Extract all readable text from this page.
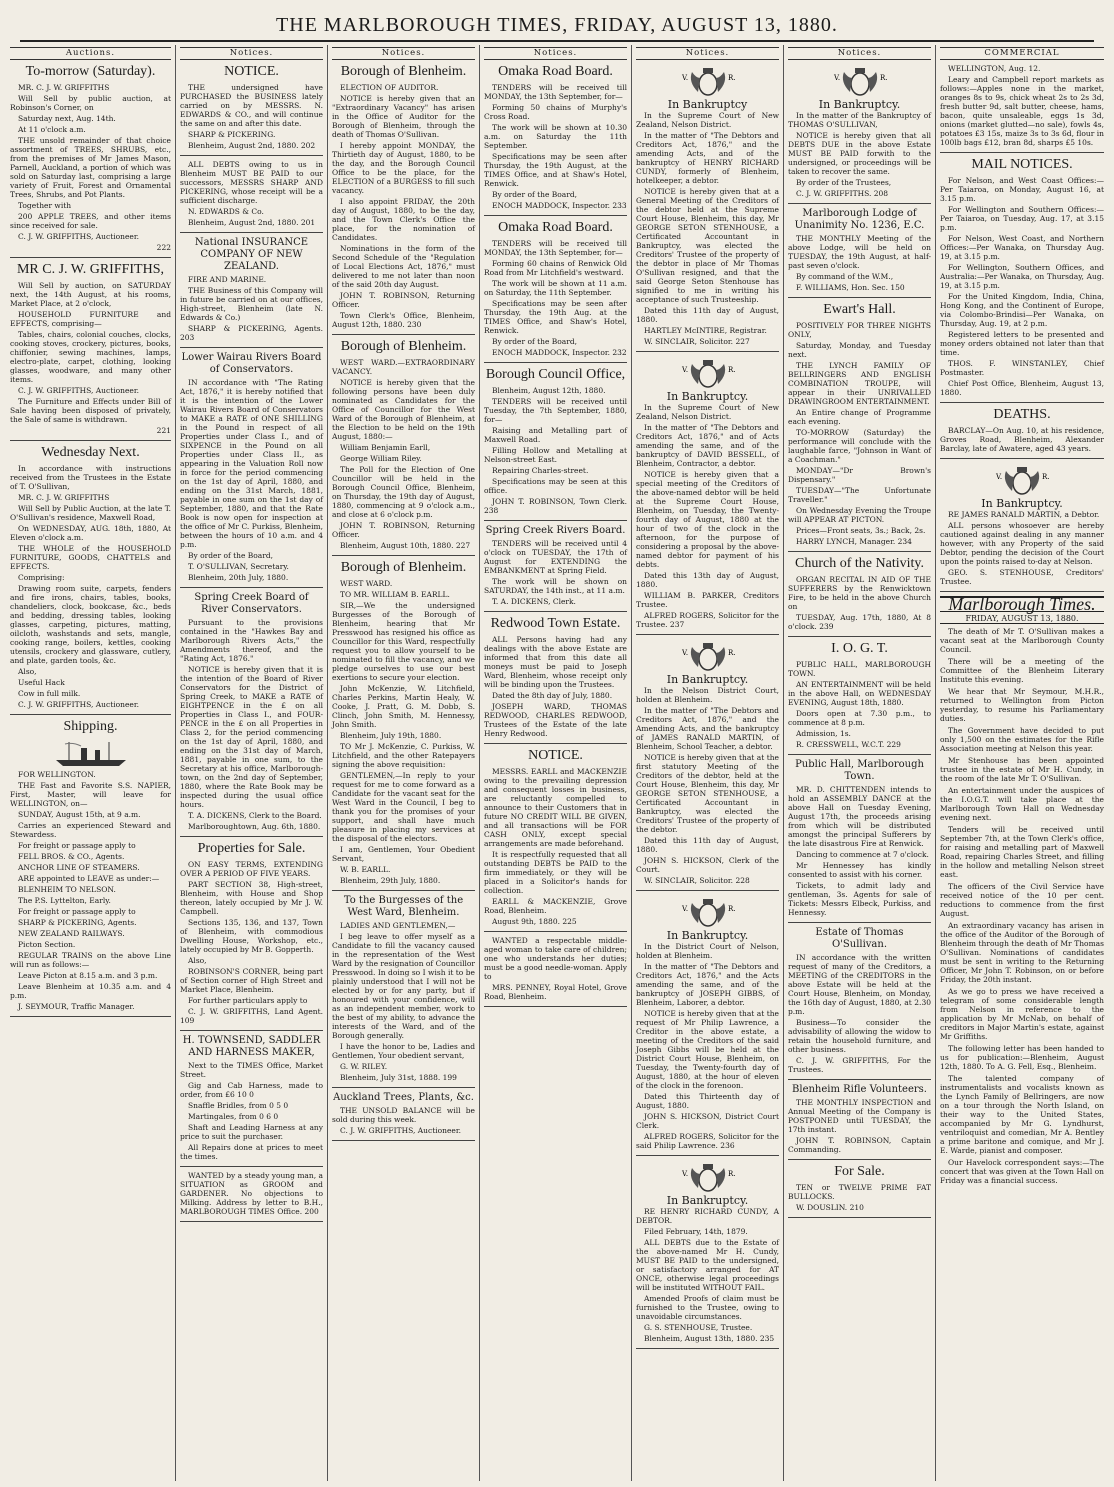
THE MARLBOROUGH TIMES, FRIDAY, AUGUST 13, 1880.
Auctions.
To-morrow (Saturday).

MR. C. J. W. GRIFFITHS

Will Sell by public auction, at Robinson's Corner, on

Saturday next, Aug. 14th.

At 11 o'clock a.m.

THE unsold remainder of that choice assortment of TREES, SHRUBS, etc., from the premises of Mr James Mason, Parnell, Auckland, a portion of which was sold on Saturday last, comprising a large variety of Fruit, Forest and Ornamental Trees, Shrubs, and Pot Plants.

Together with

200 APPLE TREES, and other items since received for sale.

C. J. W. GRIFFITHS, Auctioneer.

222
MR C. J. W. GRIFFITHS,

Will Sell by auction, on SATURDAY next, the 14th August, at his rooms, Market Place, at 2 o'clock,

HOUSEHOLD FURNITURE and EFFECTS, comprising—

Tables, chairs, colonial couches, clocks, cooking stoves, crockery, pictures, books, chiffonier, sewing machines, lamps, electro-plate, carpet, clothing, looking glasses, woodware, and many other items.

C. J. W. GRIFFITHS, Auctioneer.

The Furniture and Effects under Bill of Sale having been disposed of privately, the Sale of same is withdrawn.

221
Wednesday Next.

In accordance with instructions received from the Trustees in the Estate of T. O'Sullivan,

MR. C. J. W. GRIFFITHS

Will Sell by Public Auction, at the late T. O'Sullivan's residence, Maxwell Road,

On WEDNESDAY, AUG. 18th, 1880, At Eleven o'clock a.m.

THE WHOLE of the HOUSEHOLD FURNITURE, GOODS, CHATTELS and EFFECTS.

Comprising:

Drawing room suite, carpets, fenders and fire irons, chairs, tables, books, chandeliers, clock, bookcase, &c., beds and bedding, dressing tables, looking glasses, carpeting, pictures, matting, oilcloth, washstands and sets, mangle, cooking range, boilers, kettles, cooking utensils, crockery and glassware, cutlery, and plate, garden tools, &c.

Also,

Useful Hack

Cow in full milk.

C. J. W. GRIFFITHS, Auctioneer.

Shipping.

FOR WELLINGTON.

THE Fast and Favorite S.S. NAPIER, First, Master, will leave for WELLINGTON, on—

SUNDAY, August 15th, at 9 a.m.

Carries an experienced Steward and Stewardess.

For freight or passage apply to

FELL BROS. & CO., Agents.

ANCHOR LINE OF STEAMERS.

ARE appointed to LEAVE as under:—

BLENHEIM TO NELSON.

The P.S. Lyttelton, Early.

For freight or passage apply to

SHARP & PICKERING, Agents.

NEW ZEALAND RAILWAYS.

Picton Section.

REGULAR TRAINS on the above Line will run as follows:—

Leave Picton at 8.15 a.m. and 3 p.m.

Leave Blenheim at 10.35 a.m. and 4 p.m.

J. SEYMOUR, Traffic Manager.

Notices.
NOTICE.

THE undersigned have PURCHASED the BUSINESS lately carried on by MESSRS. N. EDWARDS & CO., and will continue the same on and after this date.

SHARP & PICKERING.

Blenheim, August 2nd, 1880. 202

ALL DEBTS owing to us in Blenheim MUST BE PAID to our successors, MESSRS SHARP AND PICKERING, whose receipt will be a sufficient discharge.

N. EDWARDS & Co.

Blenheim, August 2nd, 1880. 201

National INSURANCE COMPANY OF NEW ZEALAND.

FIRE AND MARINE.

THE Business of this Company will in future be carried on at our offices, High-street, Blenheim (late N. Edwards & Co.)

SHARP & PICKERING, Agents. 203

Lower Wairau Rivers Board of Conservators.

IN accordance with "The Rating Act, 1876," it is hereby notified that it is the intention of the Lower Wairau Rivers Board of Conservators to MAKE a RATE of ONE SHILLING in the Pound in respect of all Properties under Class I., and of SIXPENCE in the Pound on all Properties under Class II., as appearing in the Valuation Roll now in force for the period commencing on the 1st day of April, 1880, and ending on the 31st March, 1881, payable in one sum on the 1st day of September, 1880, and that the Rate Book is now open for inspection at the office of Mr C. Purkiss, Blenheim, between the hours of 10 a.m. and 4 p.m.

By order of the Board,

T. O'SULLIVAN, Secretary.

Blenheim, 20th July, 1880.

Spring Creek Board of River Conservators.

Pursuant to the provisions contained in the "Hawkes Bay and Marlborough Rivers Acts," the Amendments thereof, and the "Rating Act, 1876."

NOTICE is hereby given that it is the intention of the Board of River Conservators for the District of Spring Creek, to MAKE a RATE of EIGHTPENCE in the £ on all Properties in Class I., and FOUR-PENCE in the £ on all Properties in Class 2, for the period commencing on the 1st day of April, 1880, and ending on the 31st day of March, 1881, payable in one sum, to the Secretary at his office, Marlborough-town, on the 2nd day of September, 1880, where the Rate Book may be inspected during the usual office hours.

T. A. DICKENS, Clerk to the Board.

Marlboroughtown, Aug. 6th, 1880.

Properties for Sale.

ON EASY TERMS, EXTENDING OVER A PERIOD OF FIVE YEARS.

PART SECTION 38, High-street, Blenheim, with House and Shop thereon, lately occupied by Mr J. W. Campbell.

Sections 135, 136, and 137, Town of Blenheim, with commodious Dwelling House, Workshop, etc., lately occupied by Mr B. Gopperth.

Also,

ROBINSON'S CORNER, being part of Section corner of High Street and Market Place, Blenheim.

For further particulars apply to

C. J. W. GRIFFITHS, Land Agent. 109

H. TOWNSEND, SADDLER AND HARNESS MAKER,

Next to the TIMES Office, Market Street.

Gig and Cab Harness, made to order, from £6 10 0

Snaffle Bridles, from 0 5 0

Martingales, from 0 6 0

Shaft and Leading Harness at any price to suit the purchaser.

All Repairs done at prices to meet the times.

WANTED by a steady young man, a SITUATION as GROOM and GARDENER. No objections to Milking. Address by letter to B.H., MARLBOROUGH TIMES Office. 200

Notices.
Borough of Blenheim.

ELECTION OF AUDITOR.

NOTICE is hereby given that an "Extraordinary Vacancy" has arisen in the Office of Auditor for the Borough of Blenheim, through the death of Thomas O'Sullivan.

I hereby appoint MONDAY, the Thirtieth day of August, 1880, to be the day, and the Borough Council Office to be the place, for the ELECTION of a BURGESS to fill such vacancy.

I also appoint FRIDAY, the 20th day of August, 1880, to be the day, and the Town Clerk's Office the place, for the nomination of Candidates.

Nominations in the form of the Second Schedule of the "Regulation of Local Elections Act, 1876," must delivered to me not later than noon of the said 20th day August.

JOHN T. ROBINSON, Returning Officer.

Town Clerk's Office, Blenheim, August 12th, 1880. 230

Borough of Blenheim.

WEST WARD.—EXTRAORDINARY VACANCY.

NOTICE is hereby given that the following persons have been duly nominated as Candidates for the Office of Councillor for the West Ward of the Borough of Blenheim, at the Election to be held on the 19th August, 1880:—

William Benjamin Earll,

George William Riley.

The Poll for the Election of One Councillor will be held in the Borough Council Office, Blenheim, on Thursday, the 19th day of August, 1880, commencing at 9 o'clock a.m., and close at 6 o'clock p.m.

JOHN T. ROBINSON, Returning Officer.

Blenheim, August 10th, 1880. 227

Borough of Blenheim.

WEST WARD.

TO MR. WILLIAM B. EARLL.

SIR,—We the undersigned Burgesses of the Borough of Blenheim, hearing that Mr Presswood has resigned his office as Councillor for this Ward, respectfully request you to allow yourself to be nominated to fill the vacancy, and we pledge ourselves to use our best exertions to secure your election.

John McKenzie, W. Litchfield, Charles Perkins, Martin Healy, W. Cooke, J. Pratt, G. M. Dobb, S. Clinch, John Smith, M. Hennessy, John Smith.

Blenheim, July 19th, 1880.

TO Mr J. McKenzie, C. Purkiss, W. Litchfield, and the other Ratepayers signing the above requisition:

GENTLEMEN,—In reply to your request for me to come forward as a Candidate for the vacant seat for the West Ward in the Council, I beg to thank you for the promises of your support, and shall have much pleasure in placing my services at the disposal of the electors.

I am, Gentlemen, Your Obedient Servant,

W. B. EARLL.

Blenheim, 29th July, 1880.

To the Burgesses of the West Ward, Blenheim.

LADIES AND GENTLEMEN,—

I beg leave to offer myself as a Candidate to fill the vacancy caused in the representation of the West Ward by the resignation of Councillor Presswood. In doing so I wish it to be plainly understood that I will not be elected by or for any party, but if honoured with your confidence, will as an independent member, work to the best of my ability, to advance the interests of the Ward, and of the Borough generally.

I have the honor to be, Ladies and Gentlemen, Your obedient servant,

G. W. RILEY.

Blenheim, July 31st, 1888. 199

Auckland Trees, Plants, &c.

THE UNSOLD BALANCE will be sold during this week.

C. J. W. GRIFFITHS, Auctioneer.

Notices.
Omaka Road Board.

TENDERS will be received till MONDAY, the 13th September, for—

Forming 50 chains of Murphy's Cross Road.

The work will be shown at 10.30 a.m. on Saturday the 11th September.

Specifications may be seen after Thursday, the 19th August, at the TIMES Office, and at Shaw's Hotel, Renwick.

By order of the Board,

ENOCH MADDOCK, Inspector. 233

Omaka Road Board.

TENDERS will be received till MONDAY, the 13th September, for—

Forming 60 chains of Renwick Old Road from Mr Litchfield's westward.

The work will be shown at 11 a.m. on Saturday, the 11th September.

Specifications may be seen after Thursday, the 19th Aug. at the TIMES Office, and Shaw's Hotel, Renwick.

By order of the Board,

ENOCH MADDOCK, Inspector. 232

Borough Council Office,

Blenheim, August 12th, 1880.

TENDERS will be received until Tuesday, the 7th September, 1880, for—

Raising and Metalling part of Maxwell Road.

Filling Hollow and Metalling at Nelson-street East.

Repairing Charles-street.

Specifications may be seen at this office.

JOHN T. ROBINSON, Town Clerk. 238

Spring Creek Rivers Board.

TENDERS will be received until 4 o'clock on TUESDAY, the 17th of August for EXTENDING the EMBANKMENT at Spring Field.

The work will be shown on SATURDAY, the 14th inst., at 11 a.m.

T. A. DICKENS, Clerk.

Redwood Town Estate.

ALL Persons having had any dealings with the above Estate are informed that from this date all moneys must be paid to Joseph Ward, Blenheim, whose receipt only will be binding upon the Trustees.

Dated the 8th day of July, 1880.

JOSEPH WARD, THOMAS REDWOOD, CHARLES REDWOOD, Trustees of the Estate of the late Henry Redwood.

NOTICE.

MESSRS. EARLL and MACKENZIE owing to the prevailing depression and consequent losses in business, are reluctantly compelled to announce to their Customers that in future NO CREDIT WILL BE GIVEN, and all transactions will be FOR CASH ONLY, except special arrangements are made beforehand.

It is respectfully requested that all outstanding DEBTS be PAID to the firm immediately, or they will be placed in a Solicitor's hands for collection.

EARLL & MACKENZIE, Grove Road, Blenheim.

August 9th, 1880. 225

WANTED a respectable middle-aged woman to take care of children; one who understands her duties; must be a good needle-woman. Apply to

MRS. PENNEY, Royal Hotel, Grove Road, Blenheim.

Notices.
V.	R.
In Bankruptcy

In the Supreme Court of New Zealand, Nelson District.

In the matter of "The Debtors and Creditors Act, 1876," and the amending Acts, and of the bankruptcy of HENRY RICHARD CUNDY, formerly of Blenheim, hotelkeeper, a debtor.

NOTICE is hereby given that at a General Meeting of the Creditors of the debtor held at the Supreme Court House, Blenheim, this day, Mr GEORGE SETON STENHOUSE, a Certificated Accountant in Bankruptcy, was elected the Creditors' Trustee of the property of the debtor in place of Mr Thomas O'Sullivan resigned, and that the said George Seton Stenhouse has signified to me in writing his acceptance of such Trusteeship.

Dated this 11th day of August, 1880.

HARTLEY McINTIRE, Registrar.

W. SINCLAIR, Solicitor. 227

V.	R.
In Bankruptcy.

In the Supreme Court of New Zealand, Nelson District.

In the matter of "The Debtors and Creditors Act, 1876," and of Acts amending the same, and of the bankruptcy of DAVID BESSELL, of Blenheim, Contractor, a debtor.

NOTICE is hereby given that a special meeting of the Creditors of the above-named debtor will be held at the Supreme Court House, Blenheim, on Tuesday, the Twenty-fourth day of August, 1880 at the hour of two of the clock in the afternoon, for the purpose of considering a proposal by the above-named debtor for payment of his debts.

Dated this 13th day of August, 1880.

WILLIAM B. PARKER, Creditors Trustee.

ALFRED ROGERS, Solicitor for the Trustee. 237

V.	R.
In Bankruptcy.

In the Nelson District Court, holden at Blenheim.

In the matter of "The Debtors and Creditors Act, 1876," and the Amending Acts, and the bankruptcy of JAMES RANALD MARTIN, of Blenheim, School Teacher, a debtor.

NOTICE is hereby given that at the first statutory Meeting of the Creditors of the debtor, held at the Court House, Blenheim, this day, Mr GEORGE SETON STENHOUSE, a Certificated Accountant in Bankruptcy, was elected the Creditors' Trustee of the property of the debtor.

Dated this 11th day of August, 1880.

JOHN S. HICKSON, Clerk of the Court.

W. SINCLAIR, Solicitor. 228

V.	R.
In Bankruptcy.

In the District Court of Nelson, holden at Blenheim.

In the matter of "The Debtors and Creditors Act, 1876," and the Acts amending the same, and of the bankruptcy of JOSEPH GIBBS, of Blenheim, Laborer, a debtor.

NOTICE is hereby given that at the request of Mr Philip Lawrence, a Creditor in the above estate, a meeting of the Creditors of the said Joseph Gibbs will be held at the District Court House, Blenheim, on Tuesday, the Twenty-fourth day of August, 1880, at the hour of eleven of the clock in the forenoon.

Dated this Thirteenth day of August, 1880.

JOHN S. HICKSON, District Court Clerk.

ALFRED ROGERS, Solicitor for the said Philip Lawrence. 236

V.	R.
In Bankruptcy.

RE HENRY RICHARD CUNDY, A DEBTOR.

Filed February, 14th, 1879.

ALL DEBTS due to the Estate of the above-named Mr H. Cundy, MUST BE PAID to the undersigned, or satisfactory arranged for AT ONCE, otherwise legal proceedings will be instituted WITHOUT FAIL.

Amended Proofs of claim must be furnished to the Trustee, owing to unavoidable circumstances.

G. S. STENHOUSE, Trustee.

Blenheim, August 13th, 1880. 235

Notices.
V.	R.
In Bankruptcy.

In the matter of the Bankruptcy of THOMAS O'SULLIVAN,

NOTICE is hereby given that all DEBTS DUE in the above Estate MUST BE PAID forwith to the undersigned, or proceedings will be taken to recover the same.

By order of the Trustees,

C. J. W. GRIFFITHS. 208

Marlborough Lodge of Unanimity No. 1236, E.C.

THE MONTHLY Meeting of the above Lodge, will be held on TUESDAY, the 19th August, at half-past seven o'clock.

By command of the W.M.,

F. WILLIAMS, Hon. Sec. 150

Ewart's Hall.

POSITIVELY FOR THREE NIGHTS ONLY,

Saturday, Monday, and Tuesday next.

THE LYNCH FAMILY OF BELLRINGERS AND ENGLISH COMBINATION TROUPE, will appear in their UNRIVALLED DRAWINGROOM ENTERTAINMENT.

An Entire change of Programme each evening.

TO-MORROW (Saturday) the performance will conclude with the laughable farce, "Johnson in Want of a Coachman."

MONDAY—"Dr Brown's Dispensary."

TUESDAY—"The Unfortunate Traveller."

On Wednesday Evening the Troupe will APPEAR AT PICTON.

Prices—Front seats, 3s.; Back, 2s.

HARRY LYNCH, Manager. 234

Church of the Nativity.

ORGAN RECITAL IN AID OF THE SUFFERERS by the Renwicktown Fire, to be held in the above Church on

TUESDAY, Aug. 17th, 1880, At 8 o'clock. 239

I. O. G. T.

PUBLIC HALL, MARLBOROUGH TOWN.

AN ENTERTAINMENT will be held in the above Hall, on WEDNESDAY EVENING, August 18th, 1880.

Doors open at 7.30 p.m., to commence at 8 p.m.

Admission, 1s.

R. CRESSWELL, W.C.T. 229

Public Hall, Marlborough Town.

MR. D. CHITTENDEN intends to hold an ASSEMBLY DANCE at the above Hall on Tuesday Evening, August 17th, the proceeds arising from which will be distributed amongst the principal Sufferers by the late disastrous Fire at Renwick.

Dancing to commence at 7 o'clock.

Mr Hennessey has kindly consented to assist with his corner.

Tickets, to admit lady and gentleman, 3s. Agents for sale of Tickets: Messrs Elbeck, Purkiss, and Hennessy.

Estate of Thomas O'Sullivan.

IN accordance with the written request of many of the Creditors, a MEETING of the CREDITORS in the above Estate will be held at the Court House, Blenheim, on Monday, the 16th day of August, 1880, at 2.30 p.m.

Business—To consider the advisability of allowing the widow to retain the household furniture, and other business.

C. J. W. GRIFFITHS, For the Trustees.

Blenheim Rifle Volunteers.

THE MONTHLY INSPECTION and Annual Meeting of the Company is POSTPONED until TUESDAY, the 17th instant.

JOHN T. ROBINSON, Captain Commanding.

For Sale.

TEN or TWELVE PRIME FAT BULLOCKS.

W. DOUSLIN. 210

COMMERCIAL

WELLINGTON, Aug. 12.

Leary and Campbell report markets as follows:—Apples none in the market, oranges 8s to 9s, chick wheat 2s to 2s 3d, fresh butter 9d, salt butter, cheese, hams, bacon, quite unsaleable, eggs 1s 3d, onions (market glutted—no sale), fowls 4s, potatoes £3 15s, maize 3s to 3s 6d, flour in 100lb bags £12, bran 8d, sharps £5 10s.

MAIL NOTICES.

For Nelson, and West Coast Offices:—Per Taiaroa, on Monday, August 16, at 3.15 p.m.

For Wellington and Southern Offices:—Per Taiaroa, on Tuesday, Aug. 17, at 3.15 p.m.

For Nelson, West Coast, and Northern Offices:—Per Wanaka, on Thursday Aug. 19, at 3.15 p.m.

For Wellington, Southern Offices, and Australia:—Per Wanaka, on Thursday, Aug. 19, at 3.15 p.m.

For the United Kingdom, India, China, Hong Kong, and the Continent of Europe, via Colombo-Brindisi—Per Wanaka, on Thursday, Aug. 19, at 2 p.m.

Registered letters to be presented and money orders obtained not later than that time.

THOS. F. WINSTANLEY, Chief Postmaster.

Chief Post Office, Blenheim, August 13, 1880.

DEATHS.

BARCLAY—On Aug. 10, at his residence, Groves Road, Blenheim, Alexander Barclay, late of Awatere, aged 43 years.

V.	R.
In Bankruptcy.

RE JAMES RANALD MARTIN, a Debtor.

ALL persons whosoever are hereby cautioned against dealing in any manner however, with any Property of the said Debtor, pending the decision of the Court upon the points raised to-day at Nelson.

GEO. S. STENHOUSE, Creditors' Trustee.

Marlborough Times.
FRIDAY, AUGUST 13, 1880.

The death of Mr T. O'Sullivan makes a vacant seat at the Marlborough County Council.

There will be a meeting of the Committee of the Blenheim Literary Institute this evening.

We hear that Mr Seymour, M.H.R., returned to Wellington from Picton yesterday, to resume his Parliamentary duties.

The Government have decided to put only 1,500 on the estimates for the Rifle Association meeting at Nelson this year.

Mr Stenhouse has been appointed trustee in the estate of Mr H. Cundy, in the room of the late Mr T. O'Sullivan.

An entertainment under the auspices of the I.O.G.T. will take place at the Marlborough Town Hall on Wednesday evening next.

Tenders will be received until September 7th, at the Town Clerk's office, for raising and metalling part of Maxwell Road, repairing Charles Street, and filling in the hollow and metalling Nelson street east.

The officers of the Civil Service have received notice of the 10 per cent. reductions to commence from the first August.

An extraordinary vacancy has arisen in the office of the Auditor of the Borough of Blenheim through the death of Mr Thomas O'Sullivan. Nominations of candidates must be sent in writing to the Returning Officer, Mr John T. Robinson, on or before Friday, the 20th instant.

As we go to press we have received a telegram of some considerable length from Nelson in reference to the application by Mr McNab, on behalf of creditors in Major Martin's estate, against Mr Griffiths.

The following letter has been handed to us for publication:—Blenheim, August 12th, 1880. To A. G. Fell, Esq., Blenheim.

The talented company of instrumentalists and vocalists known as the Lynch Family of Bellringers, are now on a tour through the North Island, on their way to the United States, accompanied by Mr G. Lyndhurst, ventriloquist and comedian, Mr A. Bentley a prime baritone and comique, and Mr J. E. Warde, pianist and composer.

Our Havelock correspondent says:—The concert that was given at the Town Hall on Friday was a financial success.
